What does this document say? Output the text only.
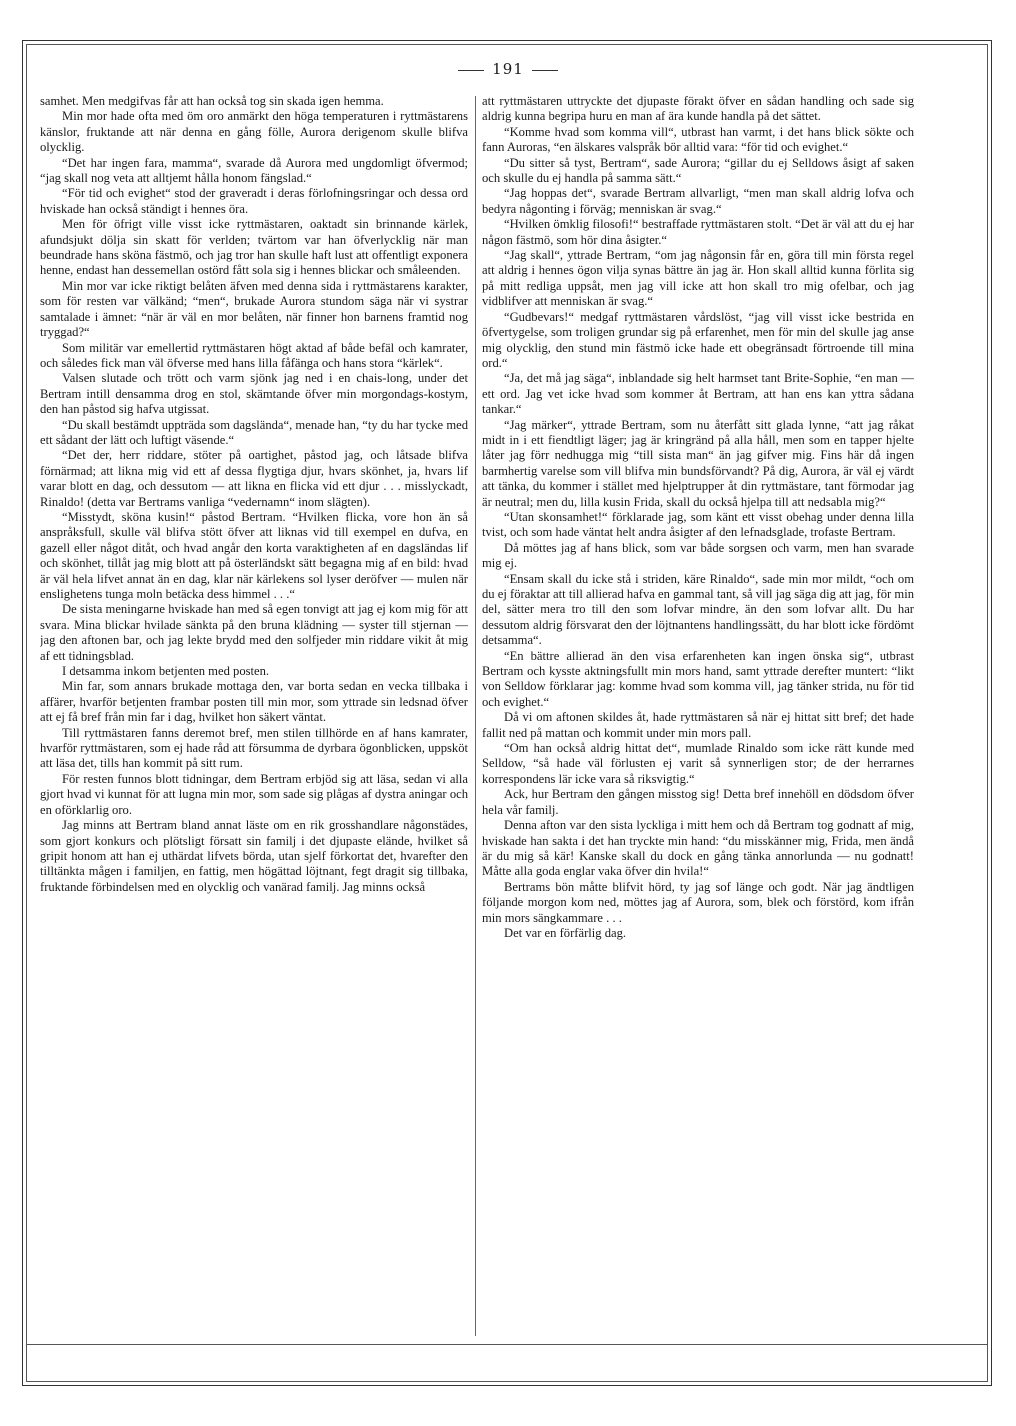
191

samhet. Men medgifvas får att han också tog sin skada igen hemma.

Min mor hade ofta med öm oro anmärkt den höga temperaturen i ryttmästarens känslor, fruktande att när denna en gång fölle, Aurora derigenom skulle blifva olycklig.

“Det har ingen fara, mamma“, svarade då Aurora med ungdomligt öfvermod; “jag skall nog veta att alltjemt hålla honom fängslad.“

“För tid och evighet“ stod der graveradt i deras förlofningsringar och dessa ord hviskade han också ständigt i hennes öra.

Men för öfrigt ville visst icke ryttmästaren, oaktadt sin brinnande kärlek, afundsjukt dölja sin skatt för verlden; tvärtom var han öfverlycklig när man beundrade hans sköna fästmö, och jag tror han skulle haft lust att offentligt exponera henne, endast han dessemellan ostörd fått sola sig i hennes blickar och småleenden.

Min mor var icke riktigt belåten äfven med denna sida i ryttmästarens karakter, som för resten var välkänd; “men“, brukade Aurora stundom säga när vi systrar samtalade i ämnet: “när är väl en mor belåten, när finner hon barnens framtid nog tryggad?“

Som militär var emellertid ryttmästaren högt aktad af både befäl och kamrater, och således fick man väl öfverse med hans lilla fåfänga och hans stora “kärlek“.

Valsen slutade och trött och varm sjönk jag ned i en chais-long, under det Bertram intill densamma drog en stol, skämtande öfver min morgondags-kostym, den han påstod sig hafva utgissat.

“Du skall bestämdt uppträda som dagslända“, menade han, “ty du har tycke med ett sådant der lätt och luftigt väsende.“

“Det der, herr riddare, stöter på oartighet, påstod jag, och låtsade blifva förnärmad; att likna mig vid ett af dessa flygtiga djur, hvars skönhet, ja, hvars lif varar blott en dag, och dessutom — att likna en flicka vid ett djur . . . misslyckadt, Rinaldo! (detta var Bertrams vanliga “vedernamn“ inom slägten).

“Misstydt, sköna kusin!“ påstod Bertram. “Hvilken flicka, vore hon än så anspråksfull, skulle väl blifva stött öfver att liknas vid till exempel en dufva, en gazell eller något ditåt, och hvad angår den korta varaktigheten af en dagsländas lif och skönhet, tillåt jag mig blott att på österländskt sätt begagna mig af en bild: hvad är väl hela lifvet annat än en dag, klar när kärlekens sol lyser deröfver — mulen när enslighetens tunga moln betäcka dess himmel . . .“

De sista meningarne hviskade han med så egen tonvigt att jag ej kom mig för att svara. Mina blickar hvilade sänkta på den bruna klädning — syster till stjernan — jag den aftonen bar, och jag lekte brydd med den solfjeder min riddare vikit åt mig af ett tidningsblad.

I detsamma inkom betjenten med posten.

Min far, som annars brukade mottaga den, var borta sedan en vecka tillbaka i affärer, hvarför betjenten frambar posten till min mor, som yttrade sin ledsnad öfver att ej få bref från min far i dag, hvilket hon säkert väntat.

Till ryttmästaren fanns deremot bref, men stilen tillhörde en af hans kamrater, hvarför ryttmästaren, som ej hade råd att försumma de dyrbara ögonblicken, uppsköt att läsa det, tills han kommit på sitt rum.

För resten funnos blott tidningar, dem Bertram erbjöd sig att läsa, sedan vi alla gjort hvad vi kunnat för att lugna min mor, som sade sig plågas af dystra aningar och en oförklarlig oro.

Jag minns att Bertram bland annat läste om en rik grosshandlare någonstädes, som gjort konkurs och plötsligt försatt sin familj i det djupaste elände, hvilket så gripit honom att han ej uthärdat lifvets börda, utan sjelf förkortat det, hvarefter den tilltänkta mågen i familjen, en fattig, men högättad löjtnant, fegt dragit sig tillbaka, fruktande förbindelsen med en olycklig och vanärad familj. Jag minns också

att ryttmästaren uttryckte det djupaste förakt öfver en sådan handling och sade sig aldrig kunna begripa huru en man af ära kunde handla på det sättet.

“Komme hvad som komma vill“, utbrast han varmt, i det hans blick sökte och fann Auroras, “en älskares valspråk bör alltid vara: “för tid och evighet.“

“Du sitter så tyst, Bertram“, sade Aurora; “gillar du ej Selldows åsigt af saken och skulle du ej handla på samma sätt.“

“Jag hoppas det“, svarade Bertram allvarligt, “men man skall aldrig lofva och bedyra någonting i förväg; menniskan är svag.“

“Hvilken ömklig filosofi!“ bestraffade ryttmästaren stolt. “Det är väl att du ej har någon fästmö, som hör dina åsigter.“

“Jag skall“, yttrade Bertram, “om jag någonsin får en, göra till min första regel att aldrig i hennes ögon vilja synas bättre än jag är. Hon skall alltid kunna förlita sig på mitt redliga uppsåt, men jag vill icke att hon skall tro mig ofelbar, och jag vidblifver att menniskan är svag.“

“Gudbevars!“ medgaf ryttmästaren vårdslöst, “jag vill visst icke bestrida en öfvertygelse, som troligen grundar sig på erfarenhet, men för min del skulle jag anse mig olycklig, den stund min fästmö icke hade ett obegränsadt förtroende till mina ord.“

“Ja, det må jag säga“, inblandade sig helt harmset tant Brite-Sophie, “en man — ett ord. Jag vet icke hvad som kommer åt Bertram, att han ens kan yttra sådana tankar.“

“Jag märker“, yttrade Bertram, som nu återfått sitt glada lynne, “att jag råkat midt in i ett fiendtligt läger; jag är kringränd på alla håll, men som en tapper hjelte låter jag förr nedhugga mig “till sista man“ än jag gifver mig. Fins här då ingen barmhertig varelse som vill blifva min bundsförvandt? På dig, Aurora, är väl ej värdt att tänka, du kommer i stället med hjelptrupper åt din ryttmästare, tant förmodar jag är neutral; men du, lilla kusin Frida, skall du också hjelpa till att nedsabla mig?“

“Utan skonsamhet!“ förklarade jag, som känt ett visst obehag under denna lilla tvist, och som hade väntat helt andra åsigter af den lefnadsglade, trofaste Bertram.

Då möttes jag af hans blick, som var både sorgsen och varm, men han svarade mig ej.

“Ensam skall du icke stå i striden, käre Rinaldo“, sade min mor mildt, “och om du ej föraktar att till allierad hafva en gammal tant, så vill jag säga dig att jag, för min del, sätter mera tro till den som lofvar mindre, än den som lofvar allt. Du har dessutom aldrig försvarat den der löjtnantens handlingssätt, du har blott icke fördömt detsamma“.

“En bättre allierad än den visa erfarenheten kan ingen önska sig“, utbrast Bertram och kysste aktningsfullt min mors hand, samt yttrade derefter muntert: “likt von Selldow förklarar jag: komme hvad som komma vill, jag tänker strida, nu för tid och evighet.“

Då vi om aftonen skildes åt, hade ryttmästaren så när ej hittat sitt bref; det hade fallit ned på mattan och kommit under min mors pall.

“Om han också aldrig hittat det“, mumlade Rinaldo som icke rätt kunde med Selldow, “så hade väl förlusten ej varit så synnerligen stor; de der herrarnes korrespondens lär icke vara så riksvigtig.“

Ack, hur Bertram den gången misstog sig! Detta bref innehöll en dödsdom öfver hela vår familj.

Denna afton var den sista lyckliga i mitt hem och då Bertram tog godnatt af mig, hviskade han sakta i det han tryckte min hand: “du misskänner mig, Frida, men ändå är du mig så kär! Kanske skall du dock en gång tänka annorlunda — nu godnatt! Måtte alla goda englar vaka öfver din hvila!“

Bertrams bön måtte blifvit hörd, ty jag sof länge och godt. När jag ändtligen följande morgon kom ned, möttes jag af Aurora, som, blek och förstörd, kom ifrån min mors sängkammare . . .

Det var en förfärlig dag.
